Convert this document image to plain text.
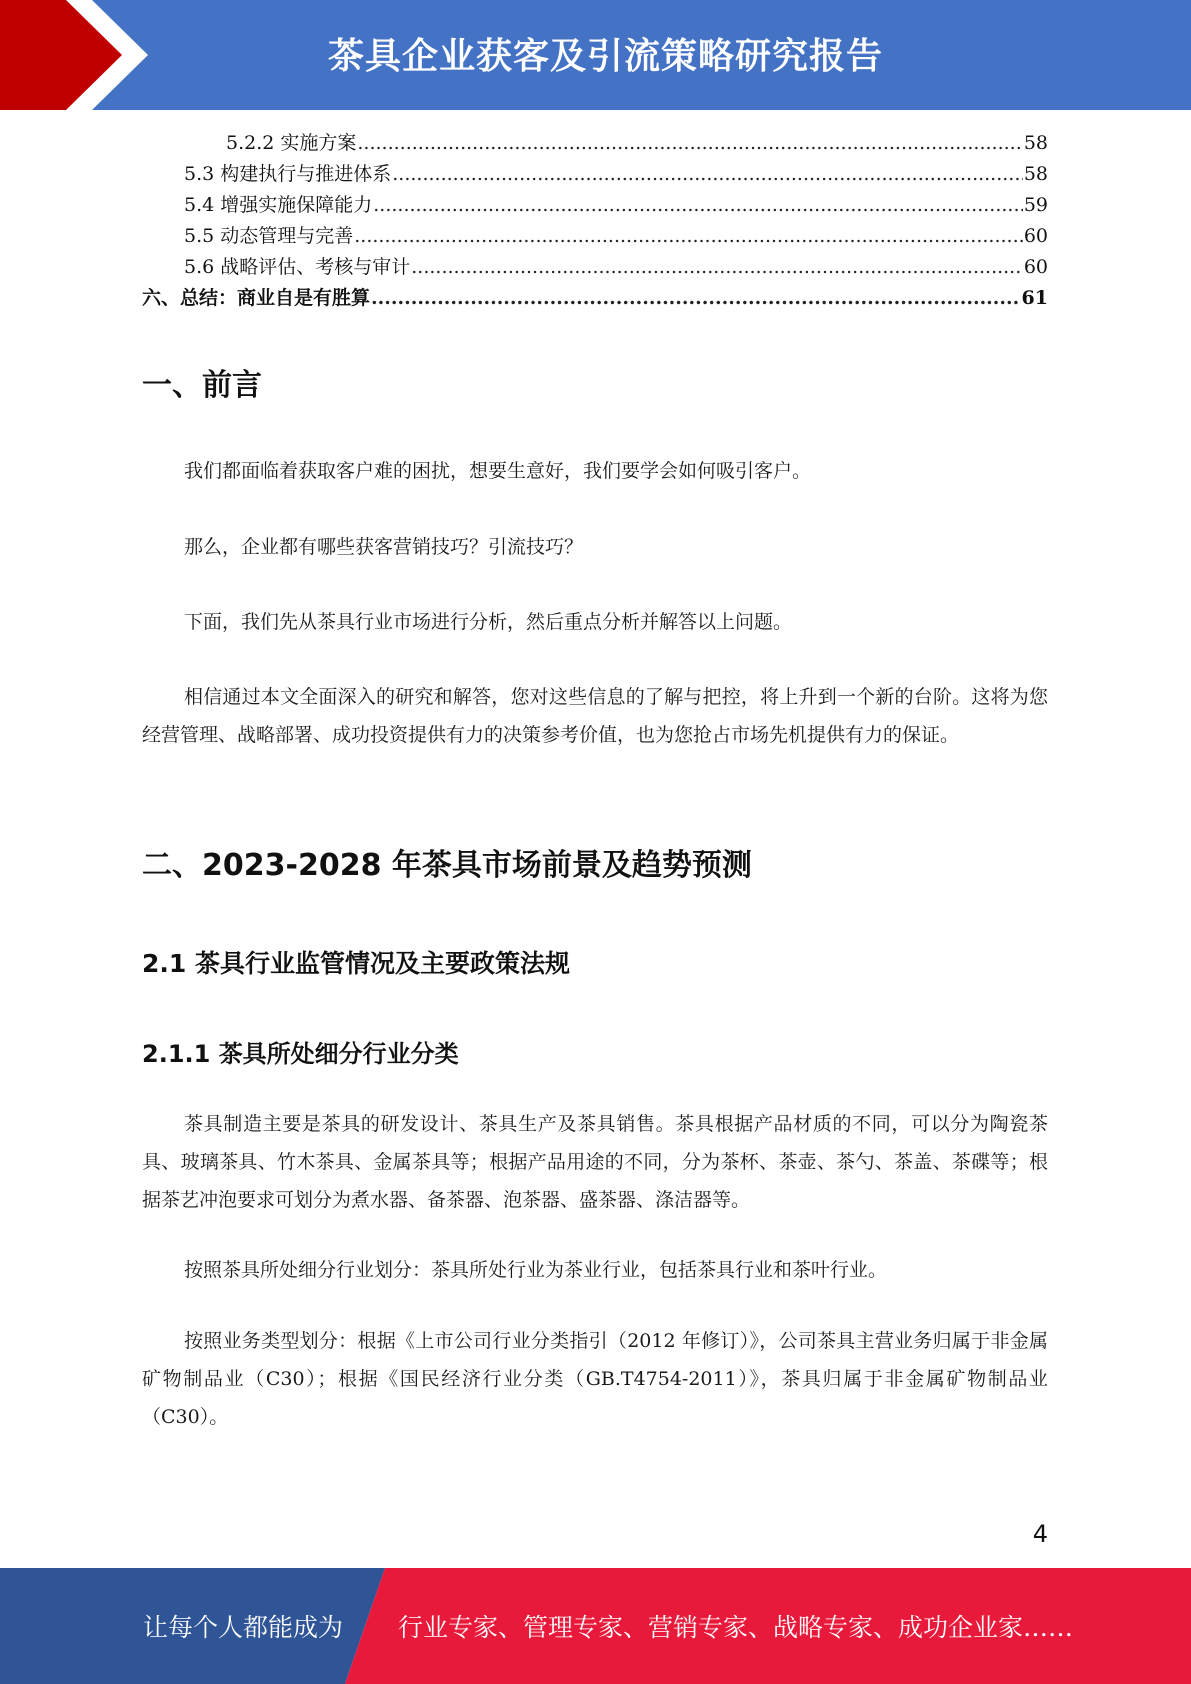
茶具企业获客及引流策略研究报告
5.2.2 实施方案 .....	58
5.3 构建执行与推进体系 .....	58
5.4 增强实施保障能力 .....	59
5.5 动态管理与完善 .....	60
5.6 战略评估、考核与审计 .....	60
六、总结：商业自是有胜算 .....	61
一、前言

我们都面临着获取客户难的困扰，想要生意好，我们要学会如何吸引客户。

那么，企业都有哪些获客营销技巧？引流技巧？

下面，我们先从茶具行业市场进行分析，然后重点分析并解答以上问题。

相信通过本文全面深入的研究和解答，您对这些信息的了解与把控，将上升到一个新的台阶。这将为您经营管理、战略部署、成功投资提供有力的决策参考价值，也为您抢占市场先机提供有力的保证。

二、2023-2028 年茶具市场前景及趋势预测
2.1 茶具行业监管情况及主要政策法规
2.1.1 茶具所处细分行业分类

茶具制造主要是茶具的研发设计、茶具生产及茶具销售。茶具根据产品材质的不同，可以分为陶瓷茶具、玻璃茶具、竹木茶具、金属茶具等；根据产品用途的不同，分为茶杯、茶壶、茶勺、茶盖、茶碟等；根据茶艺冲泡要求可划分为煮水器、备茶器、泡茶器、盛茶器、涤洁器等。

按照茶具所处细分行业划分：茶具所处行业为茶业行业，包括茶具行业和茶叶行业。

按照业务类型划分：根据《上市公司行业分类指引（2012 年修订）》，公司茶具主营业务归属于非金属矿物制品业（C30）；根据《国民经济行业分类（GB.T4754-2011）》，茶具归属于非金属矿物制品业（C30）。

4
让每个人都能成为 行业专家、管理专家、营销专家、战略专家、成功企业家……
